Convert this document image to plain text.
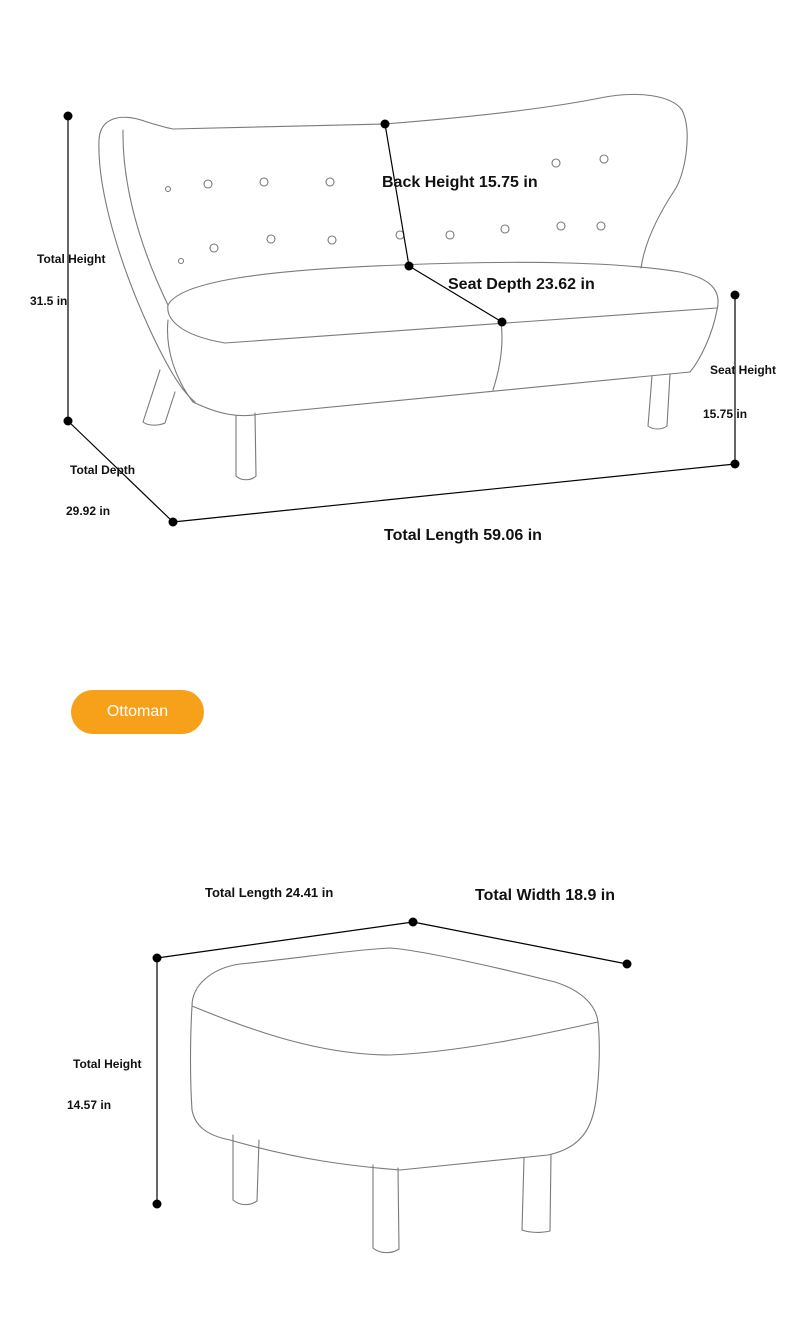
Total Height
31.5 in
Back Height 15.75 in
Seat Depth 23.62 in
Seat Height
15.75 in
Total Depth
29.92 in
Total Length 59.06 in
Ottoman
Total Length 24.41 in	Total Width 18.9 in
Total Height
14.57 in
